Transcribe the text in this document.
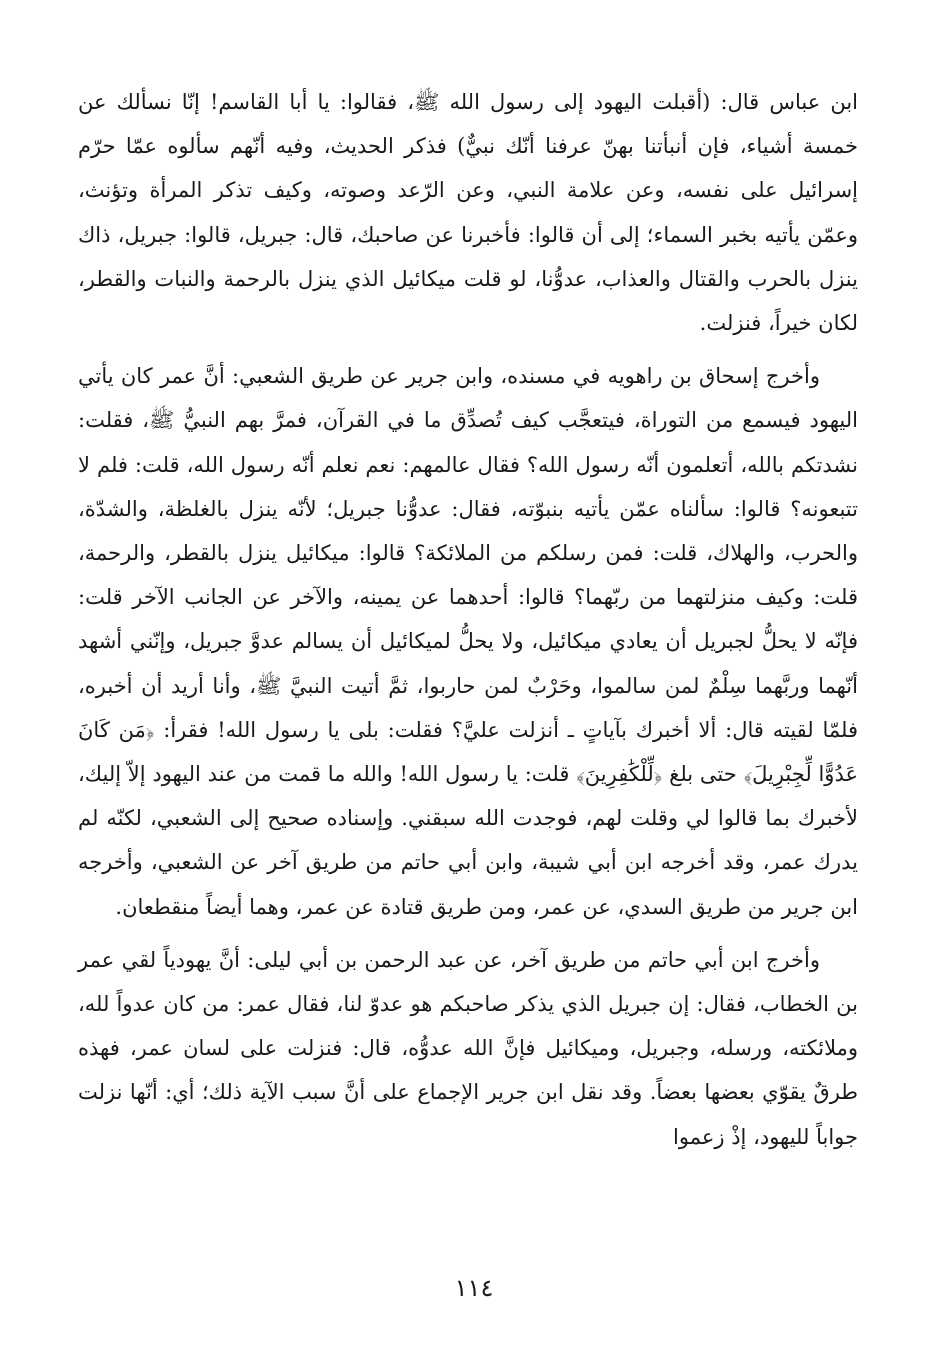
ابن عباس قال: (أقبلت اليهود إلى رسول الله ﷺ، فقالوا: يا أبا القاسم! إنّا نسألك عن خمسة أشياء، فإن أنبأتنا بهنّ عرفنا أنّك نبيٌّ) فذكر الحديث، وفيه أنّهم سألوه عمّا حرّم إسرائيل على نفسه، وعن علامة النبي، وعن الرّعد وصوته، وكيف تذكر المرأة وتؤنث، وعمّن يأتيه بخبر السماء؛ إلى أن قالوا: فأخبرنا عن صاحبك، قال: جبريل، قالوا: جبريل، ذاك ينزل بالحرب والقتال والعذاب، عدوُّنا، لو قلت ميكائيل الذي ينزل بالرحمة والنبات والقطر، لكان خيراً، فنزلت.

وأخرج إسحاق بن راهويه في مسنده، وابن جرير عن طريق الشعبي: أنَّ عمر كان يأتي اليهود فيسمع من التوراة، فيتعجَّب كيف تُصدِّق ما في القرآن، فمرَّ بهم النبيُّ ﷺ، فقلت: نشدتكم بالله، أتعلمون أنّه رسول الله؟ فقال عالمهم: نعم نعلم أنّه رسول الله، قلت: فلم لا تتبعونه؟ قالوا: سألناه عمّن يأتيه بنبوّته، فقال: عدوُّنا جبريل؛ لأنّه ينزل بالغلظة، والشدّة، والحرب، والهلاك، قلت: فمن رسلكم من الملائكة؟ قالوا: ميكائيل ينزل بالقطر، والرحمة، قلت: وكيف منزلتهما من ربّهما؟ قالوا: أحدهما عن يمينه، والآخر عن الجانب الآخر قلت: فإنّه لا يحلُّ لجبريل أن يعادي ميكائيل، ولا يحلُّ لميكائيل أن يسالم عدوَّ جبريل، وإنّني أشهد أنّهما وربَّهما سِلْمٌ لمن سالموا، وحَرْبٌ لمن حاربوا، ثمَّ أتيت النبيَّ ﷺ، وأنا أريد أن أخبره، فلمّا لقيته قال: ألا أخبرك بآياتٍ ـ أنزلت عليَّ؟ فقلت: بلى يا رسول الله! فقرأ: ﴿مَن كَانَ عَدُوًّا لِّجِبْرِيلَ﴾ حتى بلغ ﴿لِّلْكَٰفِرِينَ﴾ قلت: يا رسول الله! والله ما قمت من عند اليهود إلاّ إليك، لأخبرك بما قالوا لي وقلت لهم، فوجدت الله سبقني. وإسناده صحيح إلى الشعبي، لكنّه لم يدرك عمر، وقد أخرجه ابن أبي شيبة، وابن أبي حاتم من طريق آخر عن الشعبي، وأخرجه ابن جرير من طريق السدي، عن عمر، ومن طريق قتادة عن عمر، وهما أيضاً منقطعان.

وأخرج ابن أبي حاتم من طريق آخر، عن عبد الرحمن بن أبي ليلى: أنَّ يهودياً لقي عمر بن الخطاب، فقال: إن جبريل الذي يذكر صاحبكم هو عدوّ لنا، فقال عمر: من كان عدواً لله، وملائكته، ورسله، وجبريل، وميكائيل فإنَّ الله عدوُّه، قال: فنزلت على لسان عمر، فهذه طرقٌ يقوّي بعضها بعضاً. وقد نقل ابن جرير الإجماع على أنَّ سبب الآية ذلك؛ أي: أنّها نزلت جواباً لليهود، إذْ زعموا

١١٤
